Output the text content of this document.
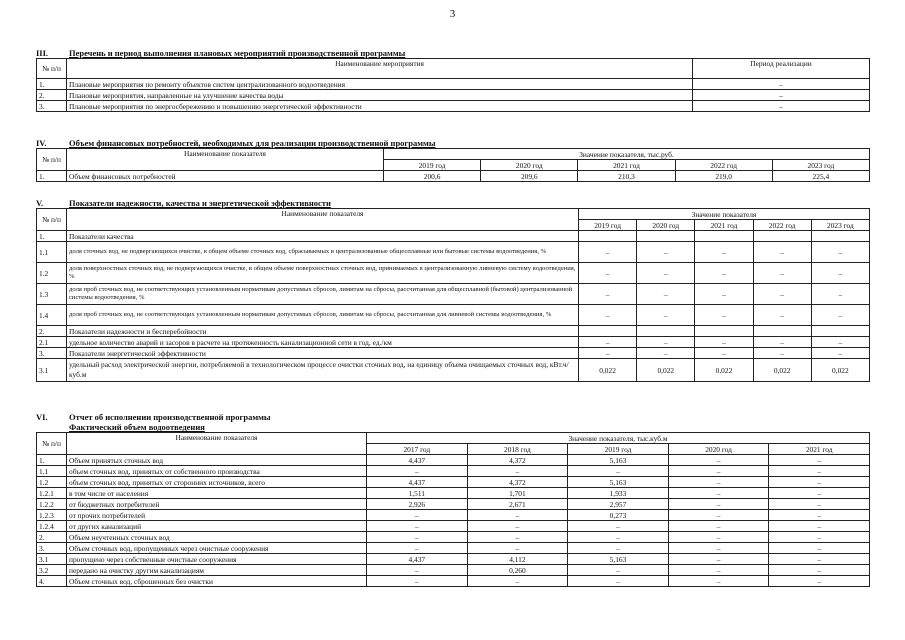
3
III.	Перечень и период выполнения плановых мероприятий производственной программы
№ п/п	Наименование мероприятия	Период реализации
1.	Плановые мероприятия по ремонту объектов систем централизованного водоотведения	–
2.	Плановые мероприятия, направленные на улучшение качества воды	–
3.	Плановые мероприятия по энергосбережению и повышению энергетической эффективности	–
IV.	Объем финансовых потребностей, необходимых для реализации производственной программы
№ п/п	Наименование показателя	Значение показателя, тыс.руб.				
		2019 год	2020 год	2021 год	2022 год	2023 год
1.	Объем финансовых потребностей	200,6	209,6	210,3	219,0	225,4
V.	Показатели надежности, качества и энергетической эффективности
№ п/п	Наименование показателя	Значение показателя				
		2019 год	2020 год	2021 год	2022 год	2023 год
1.	Показатели качества					
1.1	доля сточных вод, не подвергающихся очистке, в общем объеме сточных вод, сбрасываемых в централизованные общесплавные или бытовые системы водоотведения, %	–	–	–	–	–
1.2	доля поверхностных сточных вод, не подвергающихся очистке, в общем объеме поверхностных сточных вод, принимаемых в централизованную ливневую систему водоотведения, %	–	–	–	–	–
1.3	доля проб сточных вод, не соответствующих установленным нормативам допустимых сбросов, лимитам на сбросы, рассчитанная для общесплавной (бытовой) централизованной системы водоотведения, %	–	–	–	–	–
1.4	доля проб сточных вод, не соответствующих установленным нормативам допустимых сбросов, лимитам на сбросы, рассчитанная для ливневой системы водоотведения, %	–	–	–	–	–
2.	Показатели надежности и бесперебойности					
2.1	удельное количество аварий и засоров в расчете на протяженность канализационной сети в год, ед./км	–	–	–	–	–
3.	Показатели энергетической эффективности	–	–	–	–	–
3.1	удельный расход электрической энергии, потребляемой в технологическом процессе очистки сточных вод, на единицу объема очищаемых сточных вод, кВт.ч/куб.м	0,022	0,022	0,022	0,022	0,022
VI.	Отчет об исполнении производственной программы
Фактический объем водоотведения
№ п/п	Наименование показателя	Значение показателя, тыс.куб.м				
		2017 год	2018 год	2019 год	2020 год	2021 год
1.	Объем принятых сточных вод	4,437	4,372	5,163	–	–
1.1	объем сточных вод, принятых от собственного производства	–	–	–	–	–
1.2	объем сточных вод, принятых от сторонних источников, всего	4,437	4,372	5,163	–	–
1.2.1	в том числе от населения	1,511	1,701	1,933	–	–
1.2.2	от бюджетных потребителей	2,926	2,671	2,957	–	–
1.2.3	от прочих потребителей	–	–	0,273	–	–
1.2.4	от других канализаций	–	–	–	–	–
2.	Объем неучтенных сточных вод	–	–	–	–	–
3.	Объем сточных вод, пропущенных через очистные сооружения	–	–	–	–	–
3.1	пропущено через собственные очистные сооружения	4,437	4,112	5,163	–	–
3.2	передано на очистку другим канализациям	–	0,260	–	–	–
4.	Объем сточных вод, сброшенных без очистки	–	–	–	–	–
